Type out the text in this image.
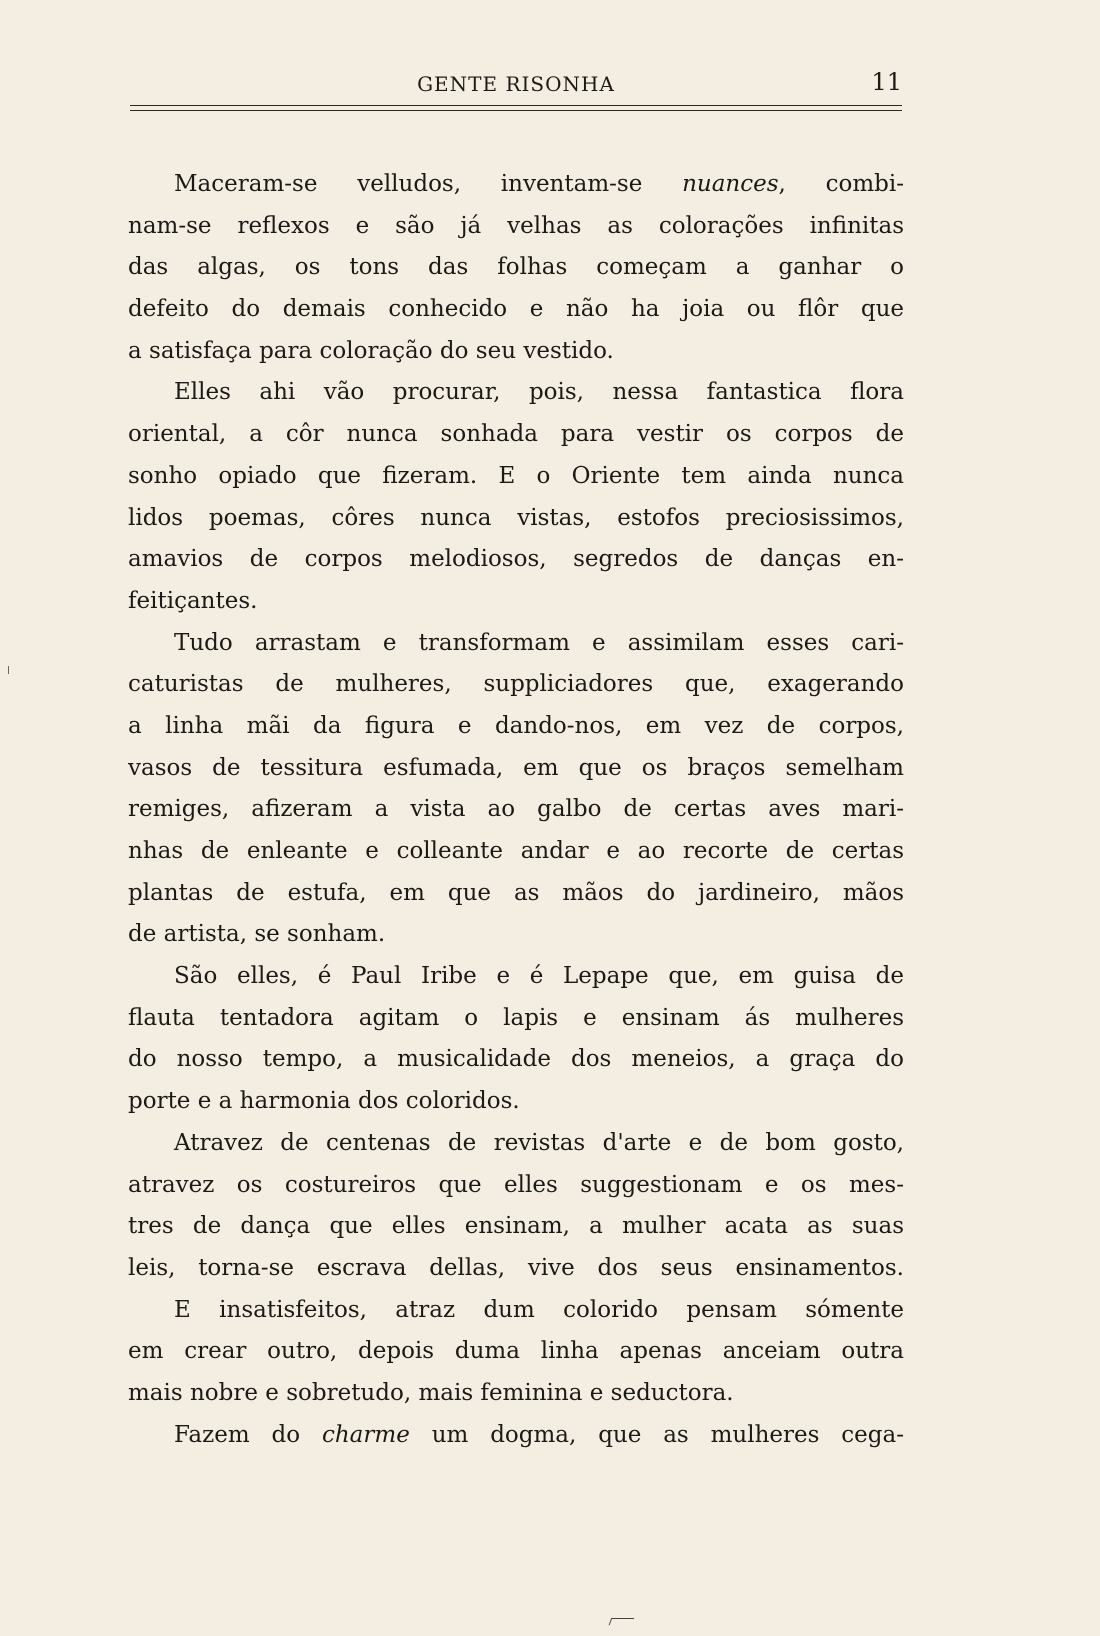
GENTE RISONHA	11
Maceram-se velludos, inventam-se nuances, combi-
nam-se reflexos e são já velhas as colorações infinitas
das algas, os tons das folhas começam a ganhar o
defeito do demais conhecido e não ha joia ou flôr que
a satisfaça para coloração do seu vestido.
Elles ahi vão procurar, pois, nessa fantastica flora
oriental, a côr nunca sonhada para vestir os corpos de
sonho opiado que fizeram. E o Oriente tem ainda nunca
lidos poemas, côres nunca vistas, estofos preciosissimos,
amavios de corpos melodiosos, segredos de danças en-
feitiçantes.
Tudo arrastam e transformam e assimilam esses cari-
caturistas de mulheres, suppliciadores que, exagerando
a linha mãi da figura e dando-nos, em vez de corpos,
vasos de tessitura esfumada, em que os braços semelham
remiges, afizeram a vista ao galbo de certas aves mari-
nhas de enleante e colleante andar e ao recorte de certas
plantas de estufa, em que as mãos do jardineiro, mãos
de artista, se sonham.
São elles, é Paul Iribe e é Lepape que, em guisa de
flauta tentadora agitam o lapis e ensinam ás mulheres
do nosso tempo, a musicalidade dos meneios, a graça do
porte e a harmonia dos coloridos.
Atravez de centenas de revistas d'arte e de bom gosto,
atravez os costureiros que elles suggestionam e os mes-
tres de dança que elles ensinam, a mulher acata as suas
leis, torna-se escrava dellas, vive dos seus ensinamentos.
E insatisfeitos, atraz dum colorido pensam sómente
em crear outro, depois duma linha apenas anceiam outra
mais nobre e sobretudo, mais feminina e seductora.
Fazem do charme um dogma, que as mulheres cega-
